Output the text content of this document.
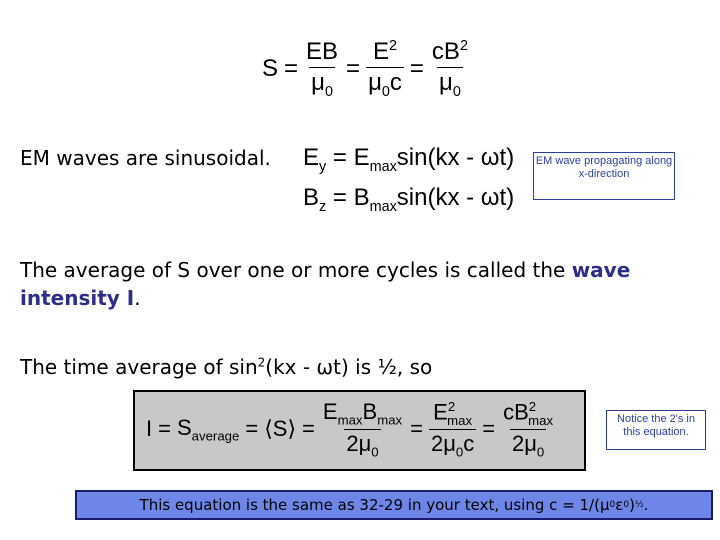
$S = \frac{EB}{\mu_0} = \frac{E^2}{\mu_0c} = \frac{cB^2}{\mu_0}$
EM waves are sinusoidal. $E_y = E_{max}\sin(kx - \omega t)$
$B_z = B_{max}\sin(kx - \omega t)$
EM wave propagating along x-direction
The average of S over one or more cycles is called the wave intensity I.
The time average of $\sin^2(kx - \omega t)$ is ½, so
$I = S_{average}$ = ⟨S⟩ = $\frac{E_{max}B_{max}}{2\mu_0} = \frac{E^2_{max}}{2\mu_0c} = \frac{cB^2_{max}}{2\mu_0}$	Notice the 2's in this equation.
This equation is the same as 32-29 in your text, using c = 1/(μ 0 ε 0 ) ½ .
